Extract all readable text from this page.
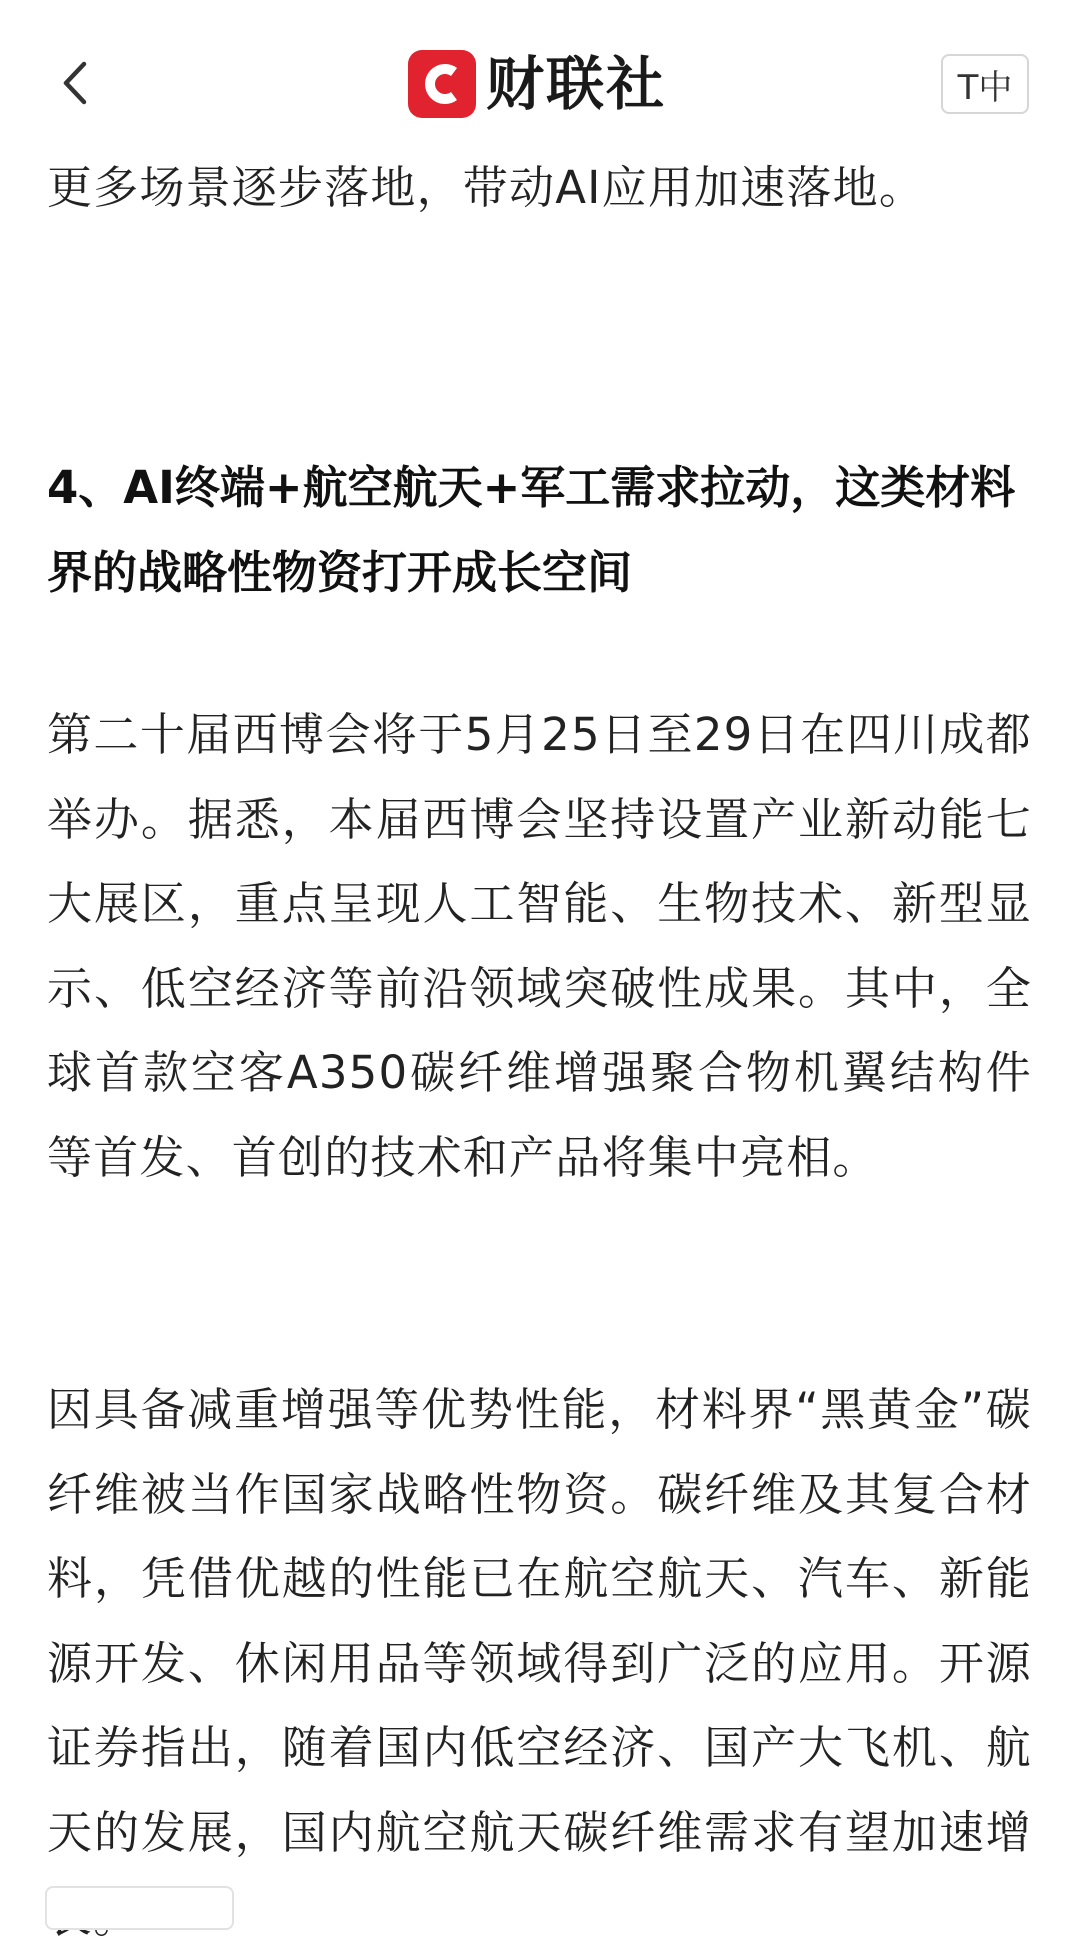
财联社	T中

更多场景逐步落地，带动AI应用加速落地。

4、AI终端+航空航天+军工需求拉动，这类材料界的战略性物资打开成长空间

第二十届西博会将于5月25日至29日在四川成都举办。据悉，本届西博会坚持设置产业新动能七大展区，重点呈现人工智能、生物技术、新型显示、低空经济等前沿领域突破性成果。其中，全球首款空客A350碳纤维增强聚合物机翼结构件等首发、首创的技术和产品将集中亮相。

因具备减重增强等优势性能，材料界“黑黄金”碳纤维被当作国家战略性物资。碳纤维及其复合材料，凭借优越的性能已在航空航天、汽车、新能源开发、休闲用品等领域得到广泛的应用。开源证券指出，随着国内低空经济、国产大飞机、航天的发展，国内航空航天碳纤维需求有望加速增
